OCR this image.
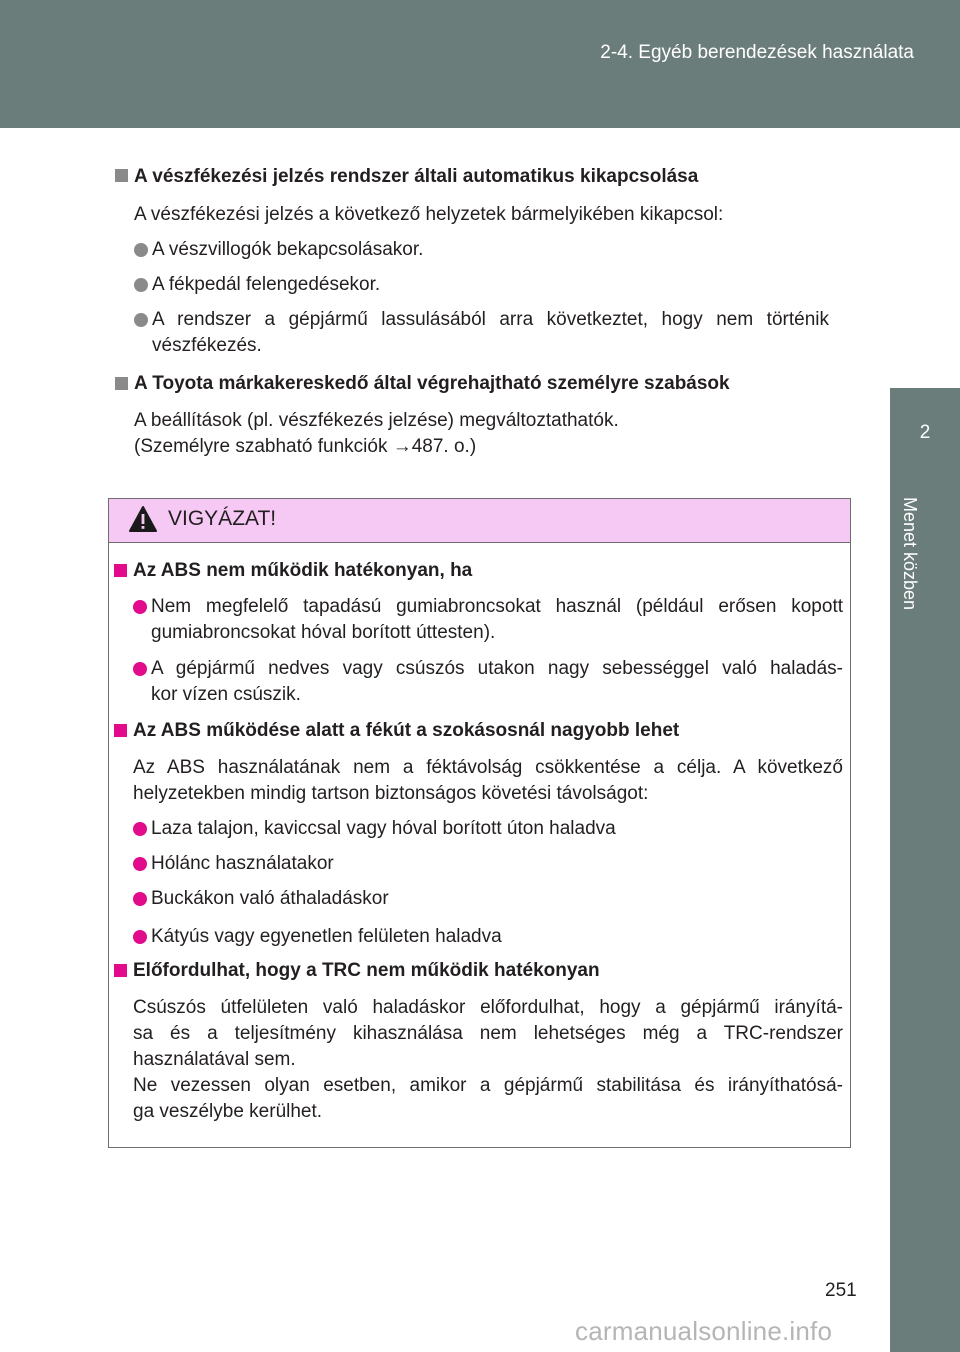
2-4. Egyéb berendezések használata
2
Menet közben
A vészfékezési jelzés rendszer általi automatikus kikapcsolása
A vészfékezési jelzés a következő helyzetek bármelyikében kikapcsol:
A vészvillogók bekapcsolásakor.
A fékpedál felengedésekor.
A rendszer a gépjármű lassulásából arra következtet, hogy nem történik
vészfékezés.
A Toyota márkakereskedő által végrehajtható személyre szabások
A beállítások (pl. vészfékezés jelzése) megváltoztathatók.
(Személyre szabható funkciók →487. o.)
VIGYÁZAT!
Az ABS nem működik hatékonyan, ha
Nem megfelelő tapadású gumiabroncsokat használ (például erősen kopott
gumiabroncsokat hóval borított úttesten).
A gépjármű nedves vagy csúszós utakon nagy sebességgel való haladás-
kor vízen csúszik.
Az ABS működése alatt a fékút a szokásosnál nagyobb lehet
Az ABS használatának nem a féktávolság csökkentése a célja. A következő
helyzetekben mindig tartson biztonságos követési távolságot:
Laza talajon, kaviccsal vagy hóval borított úton haladva
Hólánc használatakor
Buckákon való áthaladáskor
Kátyús vagy egyenetlen felületen haladva
Előfordulhat, hogy a TRC nem működik hatékonyan
Csúszós útfelületen való haladáskor előfordulhat, hogy a gépjármű irányítá-
sa és a teljesítmény kihasználása nem lehetséges még a TRC-rendszer
használatával sem.
Ne vezessen olyan esetben, amikor a gépjármű stabilitása és irányíthatósá-
ga veszélybe kerülhet.
251
carmanualsonline.info
